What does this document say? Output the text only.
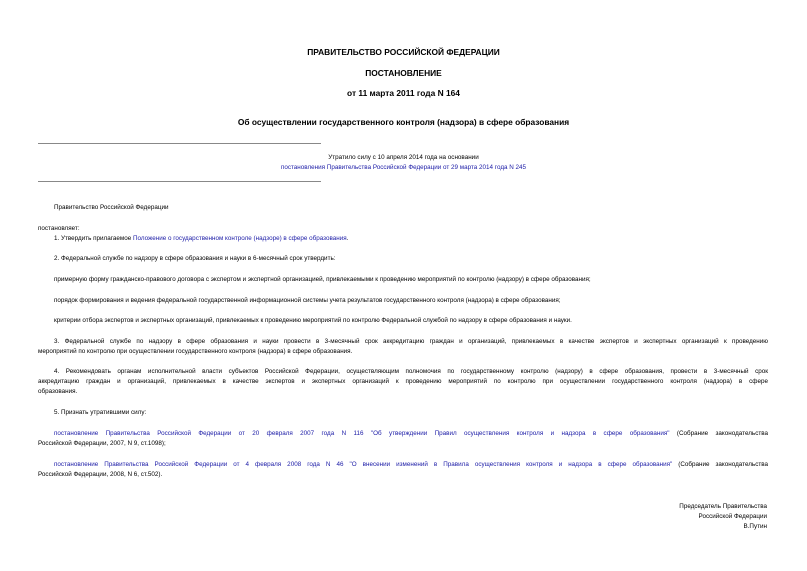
ПРАВИТЕЛЬСТВО РОССИЙСКОЙ ФЕДЕРАЦИИ
ПОСТАНОВЛЕНИЕ
от 11 марта 2011 года N 164
Об осуществлении государственного контроля (надзора) в сфере образования
Утратило силу с 10 апреля 2014 года на основании
постановления Правительства Российской Федерации от 29 марта 2014 года N 245
Правительство Российской Федерации
постановляет:
1. Утвердить прилагаемое Положение о государственном контроле (надзоре) в сфере образования.
2. Федеральной службе по надзору в сфере образования и науки в 6-месячный срок утвердить:
примерную форму гражданско-правового договора с экспертом и экспертной организацией, привлекаемыми к проведению мероприятий по контролю (надзору) в сфере образования;
порядок формирования и ведения федеральной государственной информационной системы учета результатов государственного контроля (надзора) в сфере образования;
критерии отбора экспертов и экспертных организаций, привлекаемых к проведению мероприятий по контролю Федеральной службой по надзору в сфере образования и науки.
3. Федеральной службе по надзору в сфере образования и науки провести в 3-месячный срок аккредитацию граждан и организаций, привлекаемых в качестве экспертов и экспертных организаций к проведению
мероприятий по контролю при осуществлении государственного контроля (надзора) в сфере образования.
4. Рекомендовать органам исполнительной власти субъектов Российской Федерации, осуществляющим полномочия по государственному контролю (надзору) в сфере образования, провести в 3-месячный срок
аккредитацию граждан и организаций, привлекаемых в качестве экспертов и экспертных организаций к проведению мероприятий по контролю при осуществлении государственного контроля (надзора) в сфере
образования.
5. Признать утратившими силу:
постановление Правительства Российской Федерации от 20 февраля 2007 года N 116 "Об утверждении Правил осуществления контроля и надзора в сфере образования" (Собрание законодательства
Российской Федерации, 2007, N 9, ст.1098);
постановление Правительства Российской Федерации от 4 февраля 2008 года N 46 "О внесении изменений в Правила осуществления контроля и надзора в сфере образования" (Собрание законодательства
Российской Федерации, 2008, N 6, ст.502).
Председатель Правительства
Российской Федерации
В.Путин
